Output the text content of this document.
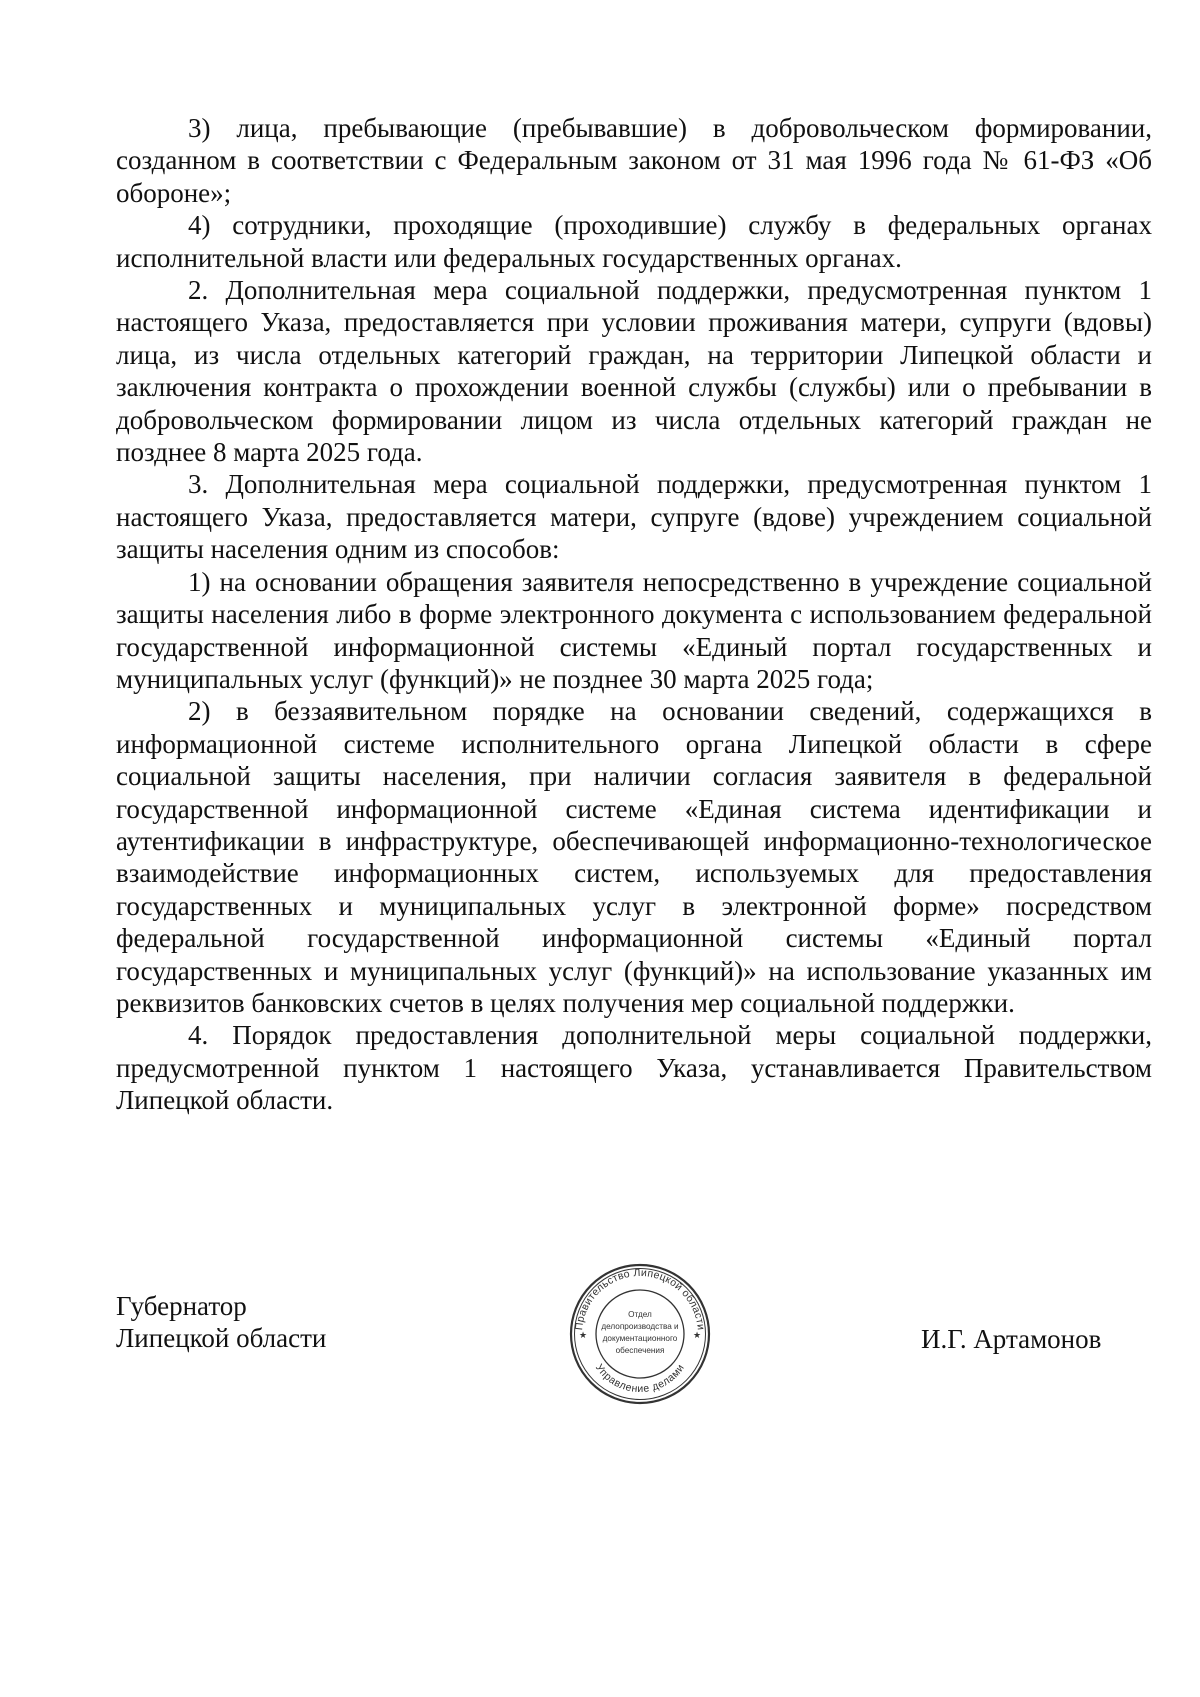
3) лица, пребывающие (пребывавшие) в добровольческом формировании, созданном в соответствии с Федеральным законом от 31 мая 1996 года № 61-ФЗ «Об обороне»;

4) сотрудники, проходящие (проходившие) службу в федеральных органах исполнительной власти или федеральных государственных органах.

2. Дополнительная мера социальной поддержки, предусмотренная пунктом 1 настоящего Указа, предоставляется при условии проживания матери, супруги (вдовы) лица, из числа отдельных категорий граждан, на территории Липецкой области и заключения контракта о прохождении военной службы (службы) или о пребывании в добровольческом формировании лицом из числа отдельных категорий граждан не позднее 8 марта 2025 года.

3. Дополнительная мера социальной поддержки, предусмотренная пунктом 1 настоящего Указа, предоставляется матери, супруге (вдове) учреждением социальной защиты населения одним из способов:

1) на основании обращения заявителя непосредственно в учреждение социальной защиты населения либо в форме электронного документа с использованием федеральной государственной информационной системы «Единый портал государственных и муниципальных услуг (функций)» не позднее 30 марта 2025 года;

2) в беззаявительном порядке на основании сведений, содержащихся в информационной системе исполнительного органа Липецкой области в сфере социальной защиты населения, при наличии согласия заявителя в федеральной государственной информационной системе «Единая система идентификации и аутентификации в инфраструктуре, обеспечивающей информационно-технологическое взаимодействие информационных систем, используемых для предоставления государственных и муниципальных услуг в электронной форме» посредством федеральной государственной информационной системы «Единый портал государственных и муниципальных услуг (функций)» на использование указанных им реквизитов банковских счетов в целях получения мер социальной поддержки.

4. Порядок предоставления дополнительной меры социальной поддержки, предусмотренной пунктом 1 настоящего Указа, устанавливается Правительством Липецкой области.

Губернатор
Липецкой области	И.Г. Артамонов
Правительство Липецкой области
Управление делами
★	★
Отдел
делопроизводства и
документационного
обеспечения
